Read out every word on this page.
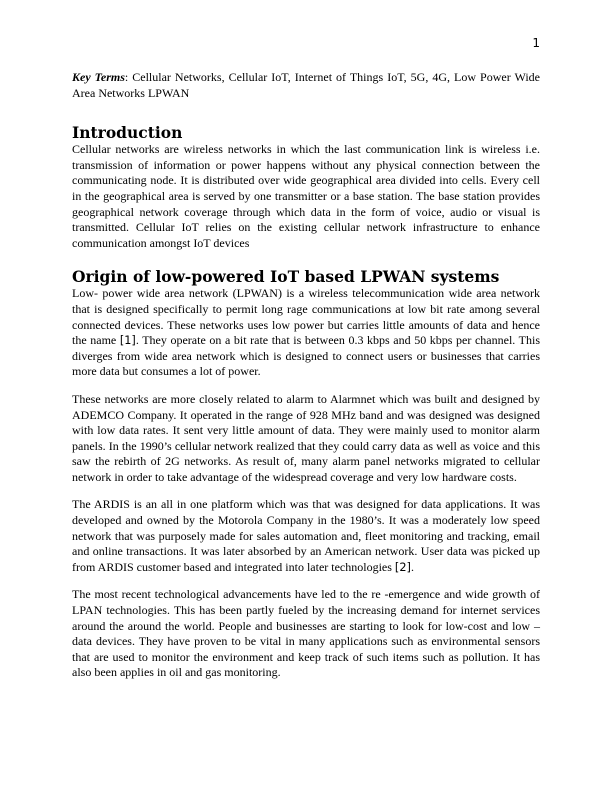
1

Key Terms: Cellular Networks, Cellular IoT, Internet of Things IoT, 5G, 4G, Low Power Wide Area Networks LPWAN

Introduction

Cellular networks are wireless networks in which the last communication link is wireless i.e. transmission of information or power happens without any physical connection between the communicating node. It is distributed over wide geographical area divided into cells. Every cell in the geographical area is served by one transmitter or a base station. The base station provides geographical network coverage through which data in the form of voice, audio or visual is transmitted. Cellular IoT relies on the existing cellular network infrastructure to enhance communication amongst IoT devices

Origin of low-powered IoT based LPWAN systems

Low- power wide area network (LPWAN) is a wireless telecommunication wide area network that is designed specifically to permit long rage communications at low bit rate among several connected devices. These networks uses low power but carries little amounts of data and hence the name [1]. They operate on a bit rate that is between 0.3 kbps and 50 kbps per channel. This diverges from wide area network which is designed to connect users or businesses that carries more data but consumes a lot of power.

These networks are more closely related to alarm to Alarmnet which was built and designed by ADEMCO Company. It operated in the range of 928 MHz band and was designed was designed with low data rates. It sent very little amount of data. They were mainly used to monitor alarm panels. In the 1990’s cellular network realized that they could carry data as well as voice and this saw the rebirth of 2G networks. As result of, many alarm panel networks migrated to cellular network in order to take advantage of the widespread coverage and very low hardware costs.

The ARDIS is an all in one platform which was that was designed for data applications. It was developed and owned by the Motorola Company in the 1980’s. It was a moderately low speed network that was purposely made for sales automation and, fleet monitoring and tracking, email and online transactions. It was later absorbed by an American network. User data was picked up from ARDIS customer based and integrated into later technologies [2].

The most recent technological advancements have led to the re -emergence and wide growth of LPAN technologies. This has been partly fueled by the increasing demand for internet services around the around the world. People and businesses are starting to look for low-cost and low – data devices. They have proven to be vital in many applications such as environmental sensors that are used to monitor the environment and keep track of such items such as pollution. It has also been applies in oil and gas monitoring.
